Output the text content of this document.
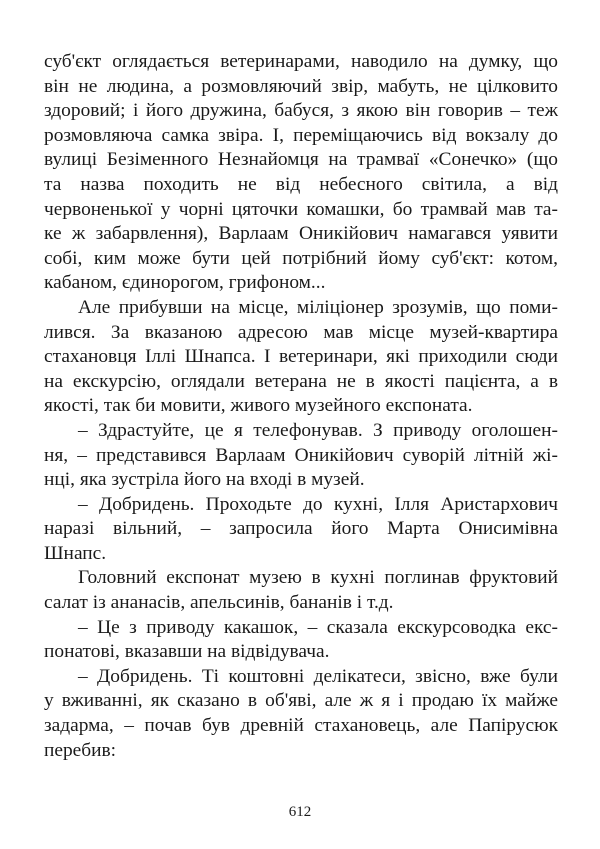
суб'єкт оглядається ветеринарами, наводило на думку, що
він не людина, а розмовляючий звір, мабуть, не цілковито
здоровий; і його дружина, бабуся, з якою він говорив – теж
розмовляюча самка звіра. І, переміщаючись від вокзалу до
вулиці Безіменного Незнайомця на трамваї «Сонечко» (що
та назва походить не від небесного світила, а від
червоненької у чорні цяточки комашки, бо трамвай мав та-
ке ж забарвлення), Варлаам Оникійович намагався уявити
собі, ким може бути цей потрібний йому суб'єкт: котом,
кабаном, єдинорогом, грифоном...
Але прибувши на місце, міліціонер зрозумів, що поми-
лився. За вказаною адресою мав місце музей-квартира
стахановця Іллі Шнапса. І ветеринари, які приходили сюди
на екскурсію, оглядали ветерана не в якості пацієнта, а в
якості, так би мовити, живого музейного експоната.
– Здрастуйте, це я телефонував. З приводу оголошен-
ня, – представився Варлаам Оникійович суворій літній жі-
нці, яка зустріла його на вході в музей.
– Добридень. Проходьте до кухні, Ілля Аристархович
наразі вільний, – запросила його Марта Онисимівна
Шнапс.
Головний експонат музею в кухні поглинав фруктовий
салат із ананасів, апельсинів, бананів і т.д.
– Це з приводу какашок, – сказала екскурсоводка екс-
понатові, вказавши на відвідувача.
– Добридень. Ті коштовні делікатеси, звісно, вже були
у вживанні, як сказано в об'яві, але ж я і продаю їх майже
задарма, – почав був древній стахановець, але Папірусюк
перебив:
612
